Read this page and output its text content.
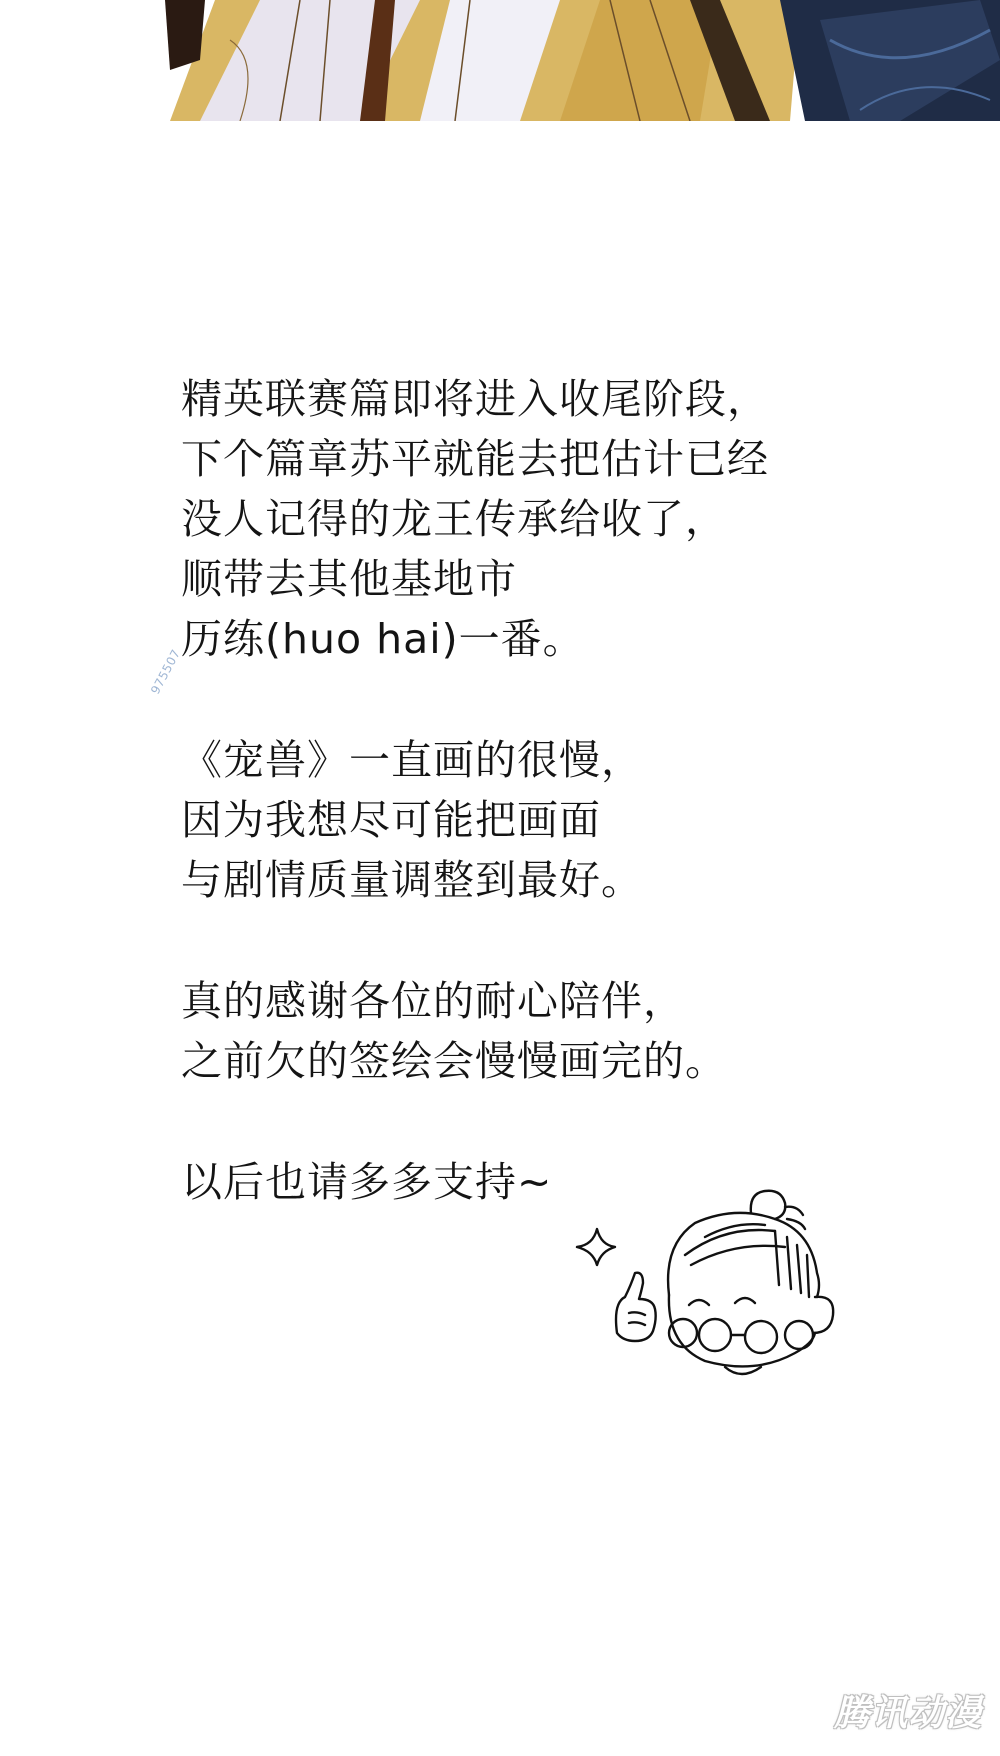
精英联赛篇即将进入收尾阶段，
下个篇章苏平就能去把估计已经
没人记得的龙王传承给收了，
顺带去其他基地市
历练(huo hai)一番。
《宠兽》一直画的很慢，
因为我想尽可能把画面
与剧情质量调整到最好。
真的感谢各位的耐心陪伴，
之前欠的签绘会慢慢画完的。
以后也请多多支持~
975507
腾讯动漫
